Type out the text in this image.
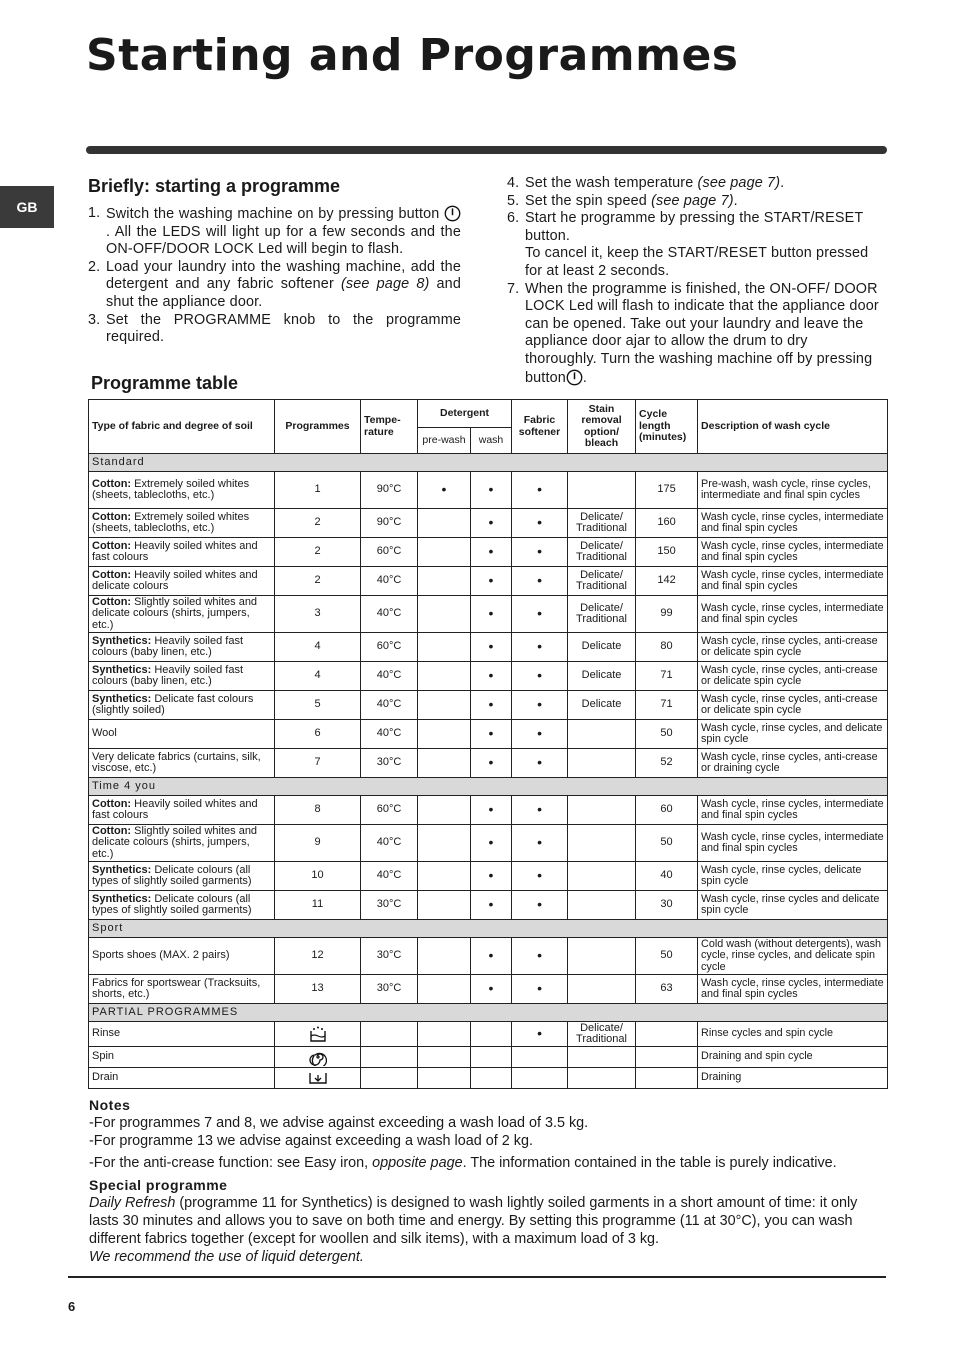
Starting and Programmes
GB
Briefly: starting a programme
1. Switch the washing machine on by pressing button . All the LEDS will light up for a few seconds and the ON-OFF/DOOR LOCK Led will begin to flash.
2. Load your laundry into the washing machine, add the detergent and any fabric softener (see page 8) and shut the appliance door.
3. Set the PROGRAMME knob to the programme required.
4. Set the wash temperature (see page 7).
5. Set the spin speed (see page 7).
6. Start he programme by pressing the START/RESET button.
To cancel it, keep the START/RESET button pressed for at least 2 seconds.
7. When the programme is finished, the ON-OFF/ DOOR LOCK Led will flash to indicate that the appliance door can be opened. Take out your laundry and leave the appliance door ajar to allow the drum to dry thoroughly. Turn the washing machine off by pressing button .
Programme table
Type of fabric and degree of soil	Programmes	Tempe-rature	Detergent		Fabric softener	Stain removal option/ bleach	Cycle length (minutes)	Description of wash cycle
			pre-wash	wash				
Standard								
Cotton: Extremely soiled whites (sheets, tablecloths, etc.)	1	90°C	•	•	•		175	Pre-wash, wash cycle, rinse cycles, intermediate and final spin cycles
Cotton: Extremely soiled whites (sheets, tablecloths, etc.)	2	90°C		•	•	Delicate/ Traditional	160	Wash cycle, rinse cycles, intermediate and final spin cycles
Cotton: Heavily soiled whites and fast colours	2	60°C		•	•	Delicate/ Traditional	150	Wash cycle, rinse cycles, intermediate and final spin cycles
Cotton: Heavily soiled whites and delicate colours	2	40°C		•	•	Delicate/ Traditional	142	Wash cycle, rinse cycles, intermediate and final spin cycles
Cotton: Slightly soiled whites and delicate colours (shirts, jumpers, etc.)	3	40°C		•	•	Delicate/ Traditional	99	Wash cycle, rinse cycles, intermediate and final spin cycles
Synthetics: Heavily soiled fast colours (baby linen, etc.)	4	60°C		•	•	Delicate	80	Wash cycle, rinse cycles, anti-crease or delicate spin cycle
Synthetics: Heavily soiled fast colours (baby linen, etc.)	4	40°C		•	•	Delicate	71	Wash cycle, rinse cycles, anti-crease or delicate spin cycle
Synthetics: Delicate fast colours (slightly soiled)	5	40°C		•	•	Delicate	71	Wash cycle, rinse cycles, anti-crease or delicate spin cycle
Wool	6	40°C		•	•		50	Wash cycle, rinse cycles, and delicate spin cycle
Very delicate fabrics (curtains, silk, viscose, etc.)	7	30°C		•	•		52	Wash cycle, rinse cycles, anti-crease or draining cycle
Time 4 you								
Cotton: Heavily soiled whites and fast colours	8	60°C		•	•		60	Wash cycle, rinse cycles, intermediate and final spin cycles
Cotton: Slightly soiled whites and delicate colours (shirts, jumpers, etc.)	9	40°C		•	•		50	Wash cycle, rinse cycles, intermediate and final spin cycles
Synthetics: Delicate colours (all types of slightly soiled garments)	10	40°C		•	•		40	Wash cycle, rinse cycles, delicate spin cycle
Synthetics: Delicate colours (all types of slightly soiled garments)	11	30°C		•	•		30	Wash cycle, rinse cycles and delicate spin cycle
Sport								
Sports shoes (MAX. 2 pairs)	12	30°C		•	•		50	Cold wash (without detergents), wash cycle, rinse cycles, and delicate spin cycle
Fabrics for sportswear (Tracksuits, shorts, etc.)	13	30°C		•	•		63	Wash cycle, rinse cycles, intermediate and final spin cycles
PARTIAL PROGRAMMES								
Rinse					•	Delicate/ Traditional		Rinse cycles and spin cycle
Spin								Draining and spin cycle
Drain								Draining
Notes

-For programmes 7 and 8, we advise against exceeding a wash load of 3.5 kg.

-For programme 13 we advise against exceeding a wash load of 2 kg.

-For the anti-crease function: see Easy iron, opposite page. The information contained in the table is purely indicative.

Special programme

Daily Refresh (programme 11 for Synthetics) is designed to wash lightly soiled garments in a short amount of time: it only lasts 30 minutes and allows you to save on both time and energy. By setting this programme (11 at 30°C), you can wash different fabrics together (except for woollen and silk items), with a maximum load of 3 kg.

We recommend the use of liquid detergent.

6
